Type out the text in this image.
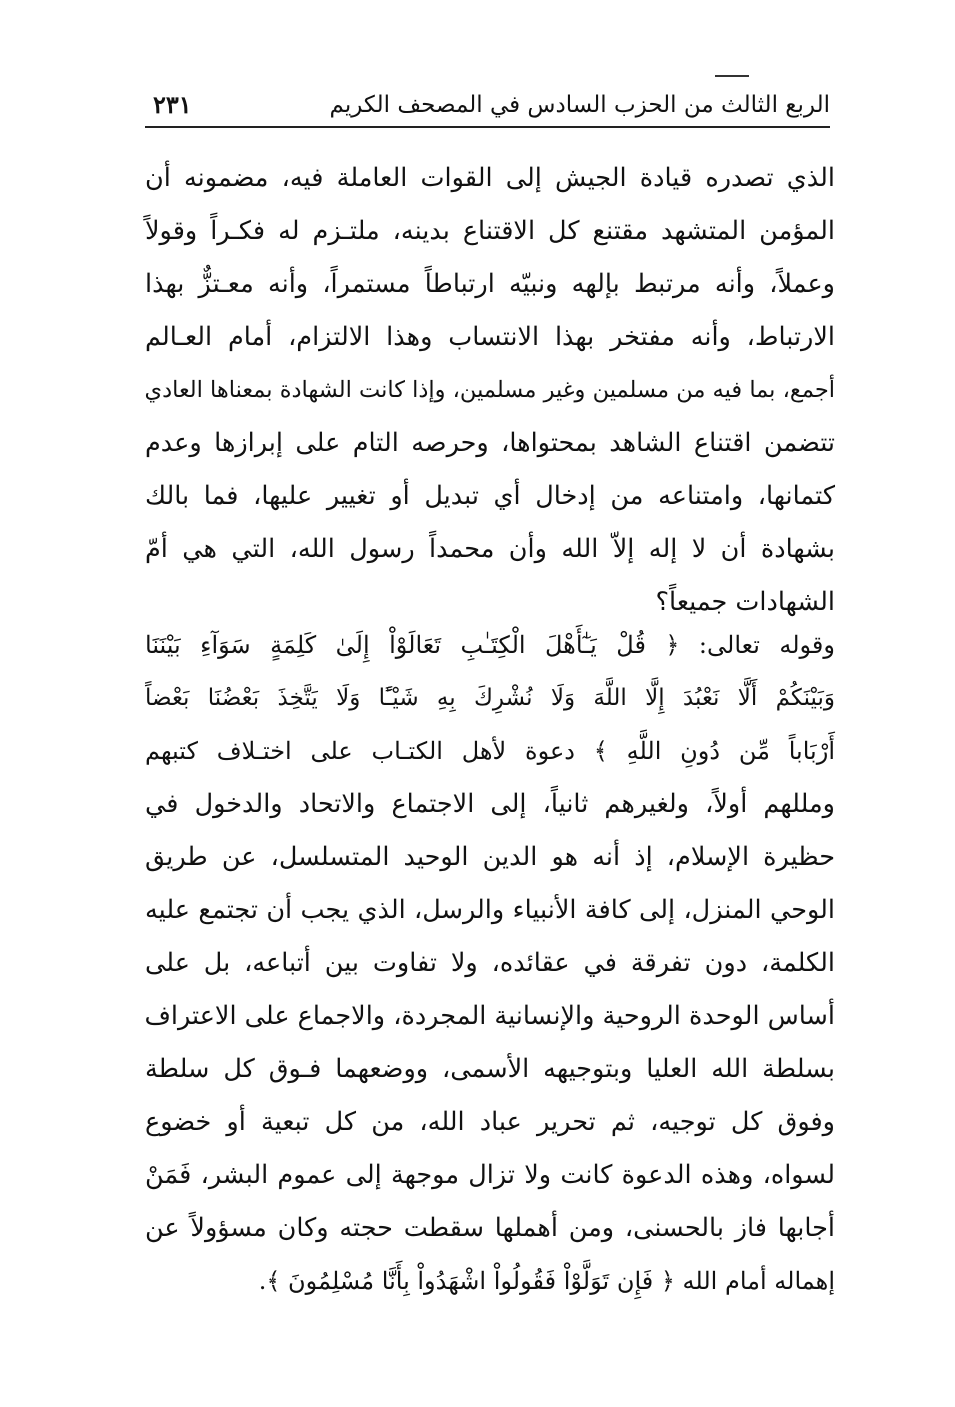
الربع الثالث من الحزب السادس في المصحف الكريم
٢٣١
الذي تصدره قيادة الجيش إلى القوات العاملة فيه، مضمونه أن
المؤمن المتشهد مقتنع كل الاقتناع بدينه، ملتـزم له فكـراً وقولاً
وعملاً، وأنه مرتبط بإلهه ونبيّه ارتباطاً مستمراً، وأنه معـتزٌّ بهذا
الارتباط، وأنه مفتخر بهذا الانتساب وهذا الالتزام، أمام العـالم
أجمع، بما فيه من مسلمين وغير مسلمين، وإذا كانت الشهادة بمعناها العادي
تتضمن اقتناع الشاهد بمحتواها، وحرصه التام على إبرازها وعدم
كتمانها، وامتناعه من إدخال أي تبديل أو تغيير عليها، فما بالك
بشهادة أن لا إله إلاّ الله وأن محمداً رسول الله، التي هي أمّ
الشهادات جميعاً؟
وقوله تعالى: ﴿ قُلْ يَـٰٓأَهْلَ الْكِتَـٰبِ تَعَالَوْاْ إِلَىٰ كَلِمَةٍ سَوَآءِ بَيْنَنَا
وَبَيْنَكُمْ أَلَّا نَعْبُدَ إِلَّا اللَّهَ وَلَا نُشْرِكَ بِهِ شَيْـًٔا وَلَا يَتَّخِذَ بَعْضُنَا بَعْضاً
أَرْبَاباً مِّن دُونِ اللَّهِ ﴾ دعوة لأهل الكتـاب على اختـلاف كتبهم
ومللهم أولاً، ولغيرهم ثانياً، إلى الاجتماع والاتحاد والدخول في
حظيرة الإسلام، إذ أنه هو الدين الوحيد المتسلسل، عن طريق
الوحي المنزل، إلى كافة الأنبياء والرسل، الذي يجب أن تجتمع عليه
الكلمة، دون تفرقة في عقائده، ولا تفاوت بين أتباعه، بل على
أساس الوحدة الروحية والإنسانية المجردة، والاجماع على الاعتراف
بسلطة الله العليا وبتوجيهه الأسمى، ووضعهما فـوق كل سلطة
وفوق كل توجيه، ثم تحرير عباد الله، من كل تبعية أو خضوع
لسواه، وهذه الدعوة كانت ولا تزال موجهة إلى عموم البشر، فَمَنْ
أجابها فاز بالحسنى، ومن أهملها سقطت حجته وكان مسؤولاً عن
إهماله أمام الله ﴿ فَإِن تَوَلَّوْاْ فَقُولُواْ اشْهَدُواْ بِأَنَّا مُسْلِمُونَ ﴾.
